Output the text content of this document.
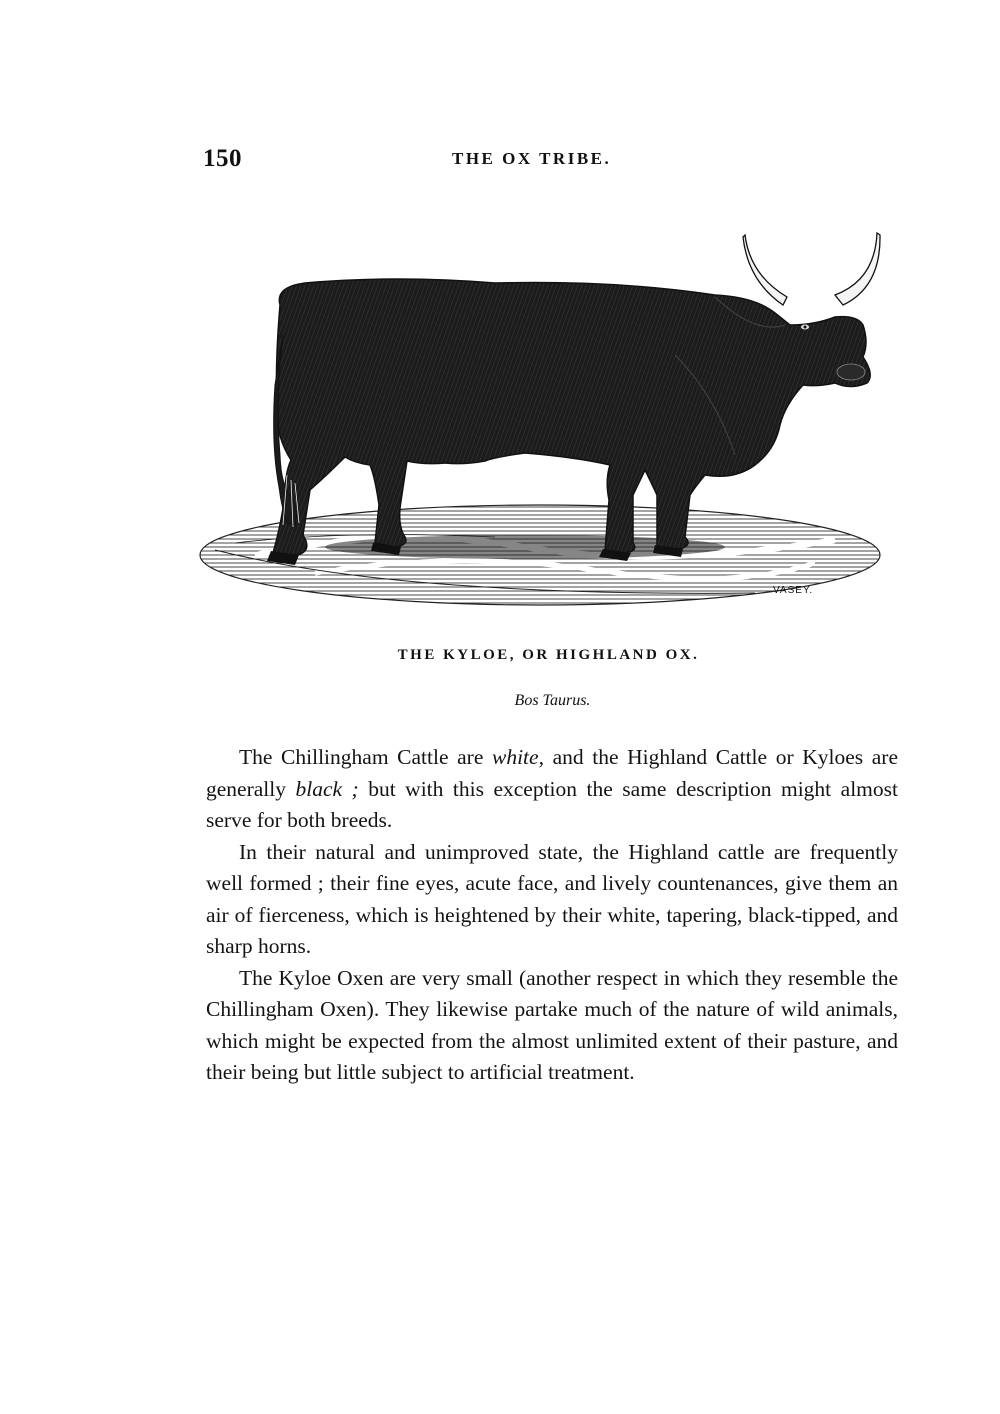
150	THE OX TRIBE.
VASEY.
THE KYLOE, OR HIGHLAND OX.
Bos Taurus.

The Chillingham Cattle are white, and the Highland Cattle or Kyloes are generally black ; but with this exception the same description might almost serve for both breeds.

In their natural and unimproved state, the Highland cattle are frequently well formed ; their fine eyes, acute face, and lively countenances, give them an air of fierceness, which is heightened by their white, tapering, black-tipped, and sharp horns.

The Kyloe Oxen are very small (another respect in which they resemble the Chillingham Oxen). They likewise partake much of the nature of wild animals, which might be expected from the almost unlimited extent of their pasture, and their being but little subject to artificial treatment.
